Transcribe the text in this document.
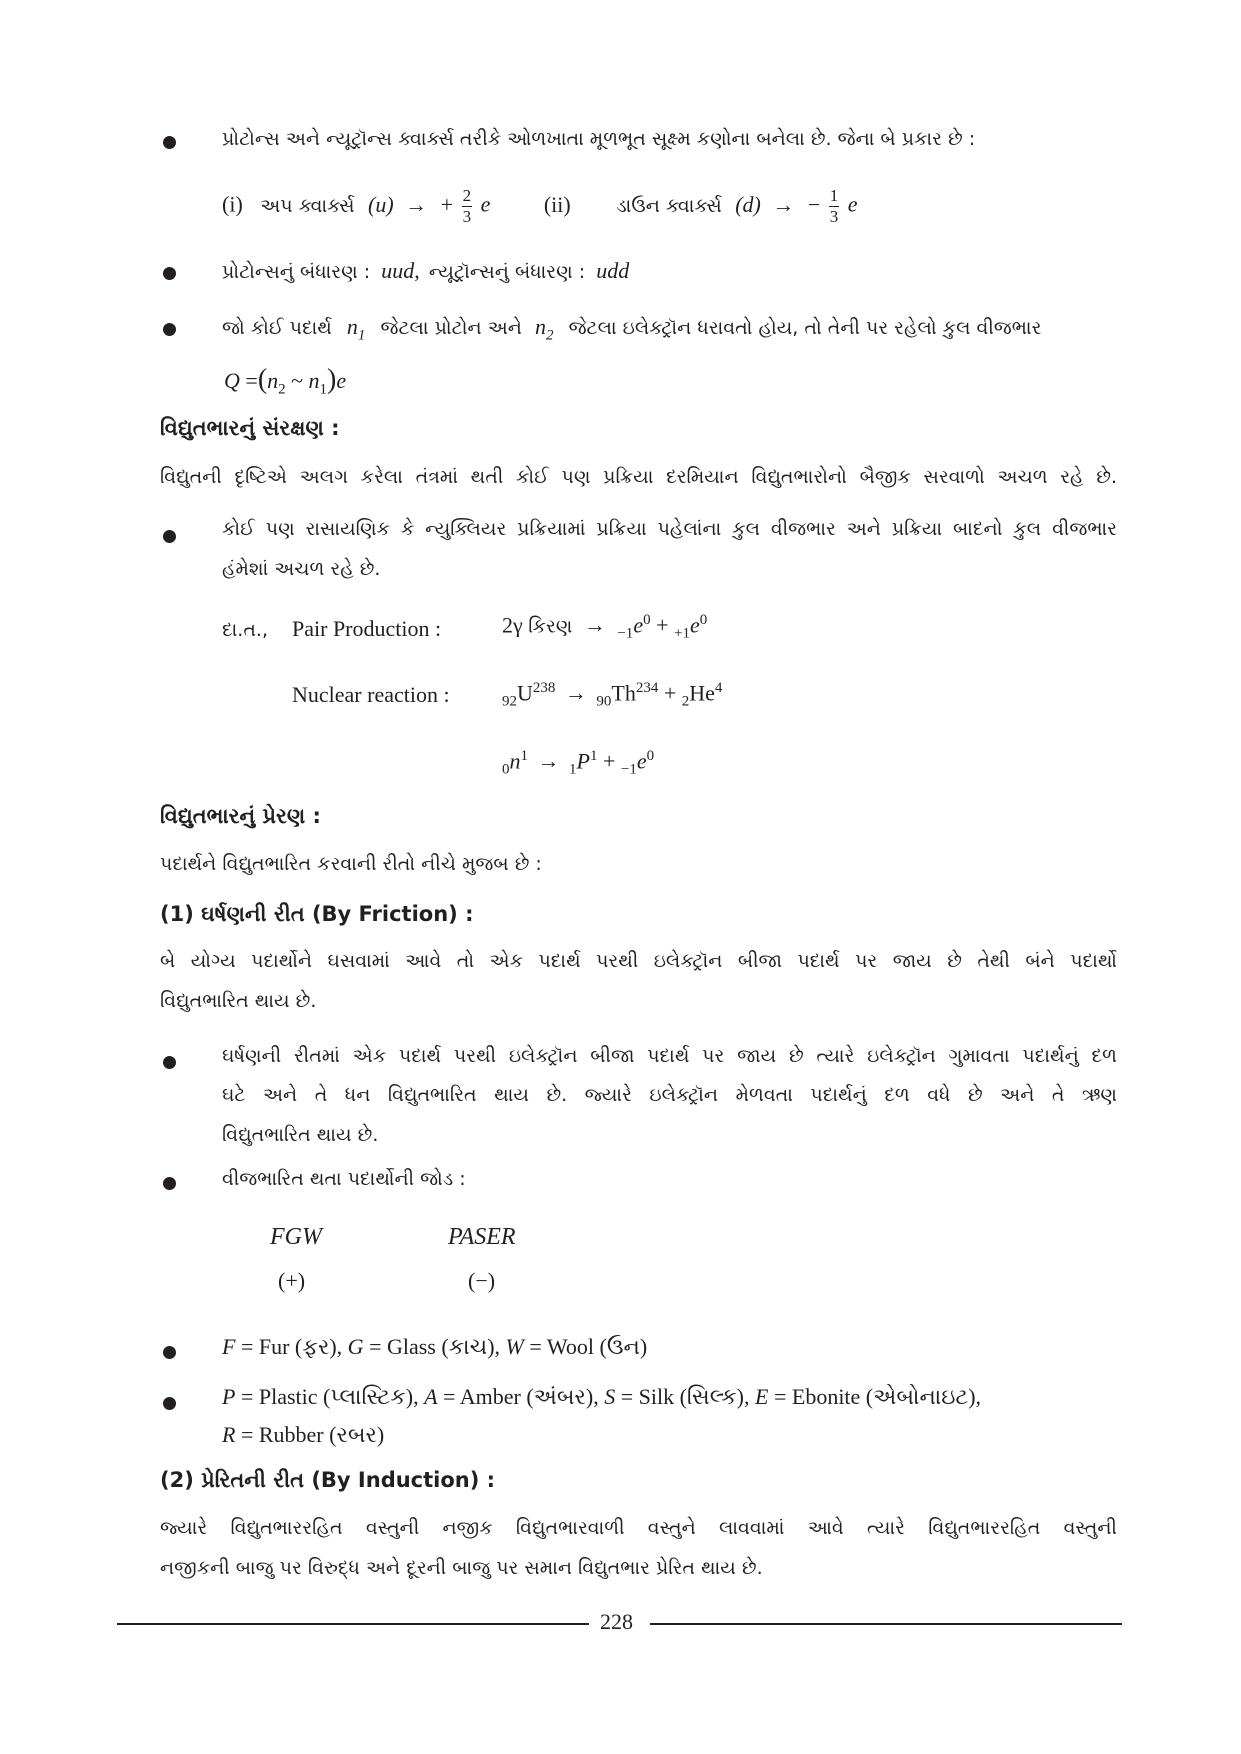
પ્રોટોન્સ અને ન્યૂટ્રૉન્સ ક્વાર્ક્સ તરીકે ઓળખાતા મૂળભૂત સૂક્ષ્મ કણોના બનેલા છે. જેના બે પ્રકાર છે :
(i) અપ ક્વાર્ક્સ (u) → + $\frac{2}{3}$ e (ii) ડાઉન ક્વાર્ક્સ (d) → − $\frac{1}{3}$ e
પ્રોટોન્સનું બંધારણ : uud, ન્યૂટ્રૉન્સનું બંધારણ : udd
જો કોઈ પદાર્થ $n_1$ જેટલા પ્રોટોન અને $n_2$ જેટલા ઇલેક્ટ્રૉન ધરાવતો હોય, તો તેની પર રહેલો કુલ વીજભાર
$Q =(n_2$ ~ $n_1)e$
વિદ્યુતભારનું સંરક્ષણ :
વિદ્યુતની દૃષ્ટિએ અલગ કરેલા તંત્રમાં થતી કોઈ પણ પ્રક્રિયા દરમિયાન વિદ્યુતભારોનો બૈજીક સરવાળો અચળ રહે છે.
કોઈ પણ રાસાયણિક કે ન્યુક્લિયર પ્રક્રિયામાં પ્રક્રિયા પહેલાંના કુલ વીજભાર અને પ્રક્રિયા બાદનો કુલ વીજભાર
હંમેશાં અચળ રહે છે.
દા.ત., Pair Production :	2γ કિરણ → $_{-1}e^0 + _{+1}e^0$
Nuclear reaction :	$_{92}U^{238} \to _{90}Th^{234} + _2He^4$
$_0n^1 \to _1P^1 + _{-1}e^0$
વિદ્યુતભારનું પ્રેરણ :
પદાર્થને વિદ્યુતભારિત કરવાની રીતો નીચે મુજબ છે :
(1) ઘર્ષણની રીત (By Friction) :
બે યોગ્ય પદાર્થોને ઘસવામાં આવે તો એક પદાર્થ પરથી ઇલેક્ટ્રૉન બીજા પદાર્થ પર જાય છે તેથી બંને પદાર્થો
વિદ્યુતભારિત થાય છે.
ઘર્ષણની રીતમાં એક પદાર્થ પરથી ઇલેક્ટ્રૉન બીજા પદાર્થ પર જાય છે ત્યારે ઇલેક્ટ્રૉન ગુમાવતા પદાર્થનું દળ
ઘટે અને તે ધન વિદ્યુતભારિત થાય છે. જ્યારે ઇલેક્ટ્રૉન મેળવતા પદાર્થનું દળ વધે છે અને તે ઋણ
વિદ્યુતભારિત થાય છે.
વીજભારિત થતા પદાર્થોની જોડ :
FGW	PASER
(+)	(−)
F = Fur (ફર), G = Glass (કાચ), W = Wool (ઉન)
P = Plastic (પ્લાસ્ટિક), A = Amber (અંબર), S = Silk (સિલ્ક), E = Ebonite (એબોનાઇટ),
R = Rubber (રબર)
(2) પ્રેરિતની રીત (By Induction) :
જ્યારે વિદ્યુતભારરહિત વસ્તુની નજીક વિદ્યુતભારવાળી વસ્તુને લાવવામાં આવે ત્યારે વિદ્યુતભારરહિત વસ્તુની
નજીકની બાજુ પર વિરુદ્ધ અને દૂરની બાજુ પર સમાન વિદ્યુતભાર પ્રેરિત થાય છે.
228
